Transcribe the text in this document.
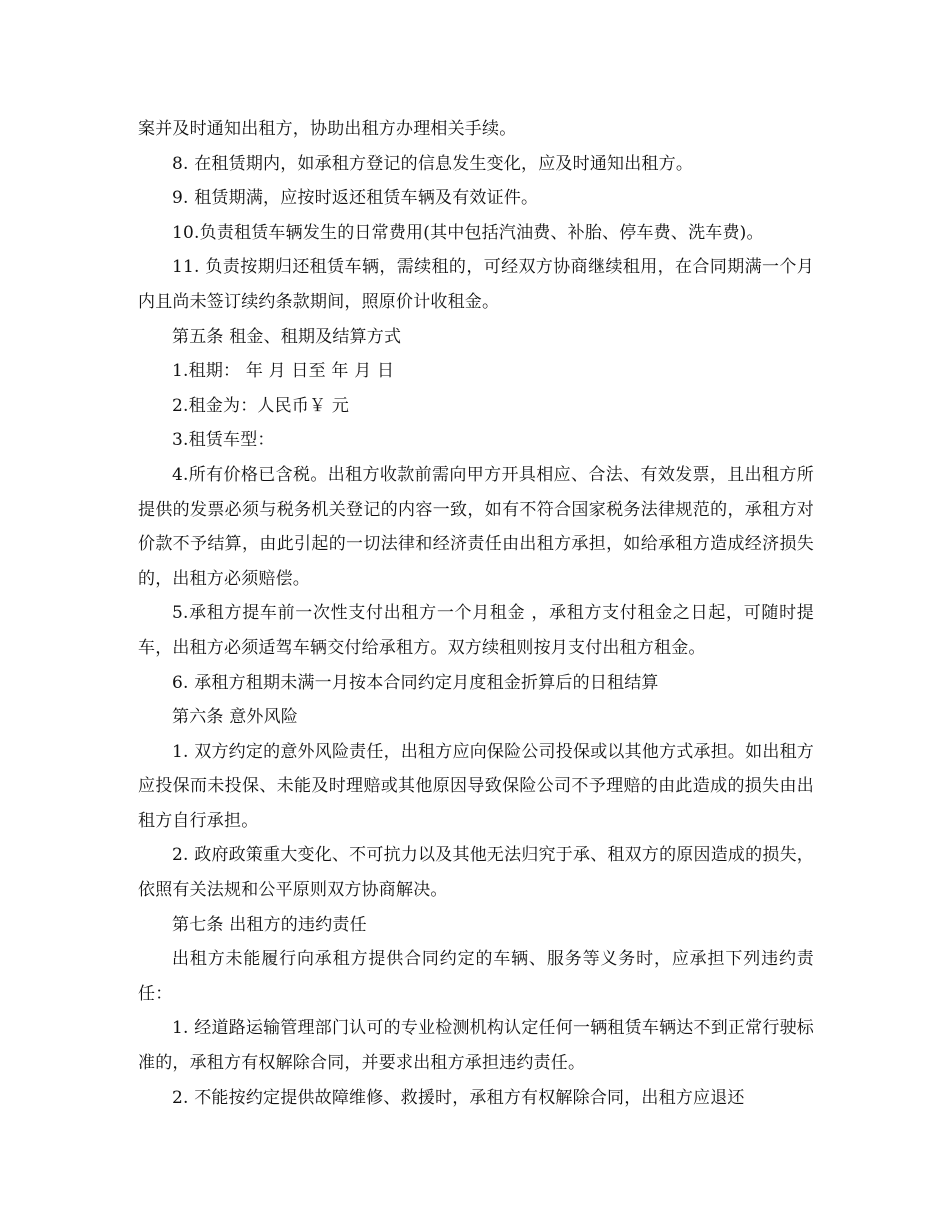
案并及时通知出租方，协助出租方办理相关手续。

8. 在租赁期内，如承租方登记的信息发生变化，应及时通知出租方。

9. 租赁期满，应按时返还租赁车辆及有效证件。

10.负责租赁车辆发生的日常费用(其中包括汽油费、补胎、停车费、洗车费)。

11. 负责按期归还租赁车辆，需续租的，可经双方协商继续租用，在合同期满一个月内且尚未签订续约条款期间，照原价计收租金。

第五条 租金、租期及结算方式

1.租期： 年 月 日至 年 月 日

2.租金为：人民币￥ 元

3.租赁车型：

4.所有价格已含税。出租方收款前需向甲方开具相应、合法、有效发票，且出租方所提供的发票必须与税务机关登记的内容一致，如有不符合国家税务法律规范的，承租方对价款不予结算，由此引起的一切法律和经济责任由出租方承担，如给承租方造成经济损失的，出租方必须赔偿。

5.承租方提车前一次性支付出租方一个月租金 ，承租方支付租金之日起，可随时提车，出租方必须适驾车辆交付给承租方。双方续租则按月支付出租方租金。

6. 承租方租期未满一月按本合同约定月度租金折算后的日租结算

第六条 意外风险

1. 双方约定的意外风险责任，出租方应向保险公司投保或以其他方式承担。如出租方应投保而未投保、未能及时理赔或其他原因导致保险公司不予理赔的由此造成的损失由出租方自行承担。

2. 政府政策重大变化、不可抗力以及其他无法归究于承、租双方的原因造成的损失，依照有关法规和公平原则双方协商解决。

第七条 出租方的违约责任

出租方未能履行向承租方提供合同约定的车辆、服务等义务时，应承担下列违约责任：

1. 经道路运输管理部门认可的专业检测机构认定任何一辆租赁车辆达不到正常行驶标准的，承租方有权解除合同，并要求出租方承担违约责任。

2. 不能按约定提供故障维修、救援时，承租方有权解除合同，出租方应退还
